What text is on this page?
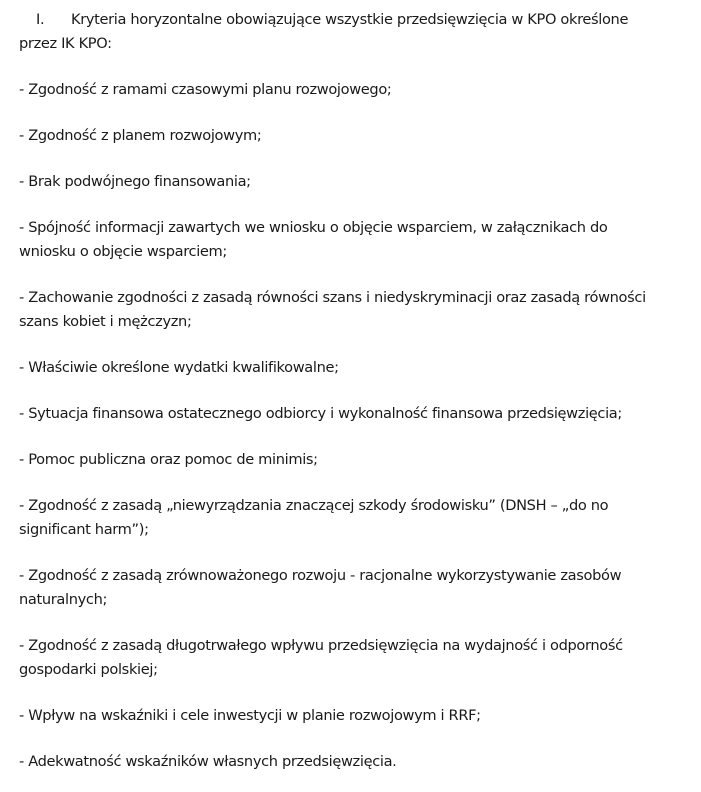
I. Kryteria horyzontalne obowiązujące wszystkie przedsięwzięcia w KPO określone przez IK KPO:

- Zgodność z ramami czasowymi planu rozwojowego;

- Zgodność z planem rozwojowym;

- Brak podwójnego finansowania;

- Spójność informacji zawartych we wniosku o objęcie wsparciem, w załącznikach do wniosku o objęcie wsparciem;

- Zachowanie zgodności z zasadą równości szans i niedyskryminacji oraz zasadą równości szans kobiet i mężczyzn;

- Właściwie określone wydatki kwalifikowalne;

- Sytuacja finansowa ostatecznego odbiorcy i wykonalność finansowa przedsięwzięcia;

- Pomoc publiczna oraz pomoc de minimis;

- Zgodność z zasadą „niewyrządzania znaczącej szkody środowisku” (DNSH – „do no significant harm”);

- Zgodność z zasadą zrównoważonego rozwoju - racjonalne wykorzystywanie zasobów naturalnych;

- Zgodność z zasadą długotrwałego wpływu przedsięwzięcia na wydajność i odporność gospodarki polskiej;

- Wpływ na wskaźniki i cele inwestycji w planie rozwojowym i RRF;

- Adekwatność wskaźników własnych przedsięwzięcia.
